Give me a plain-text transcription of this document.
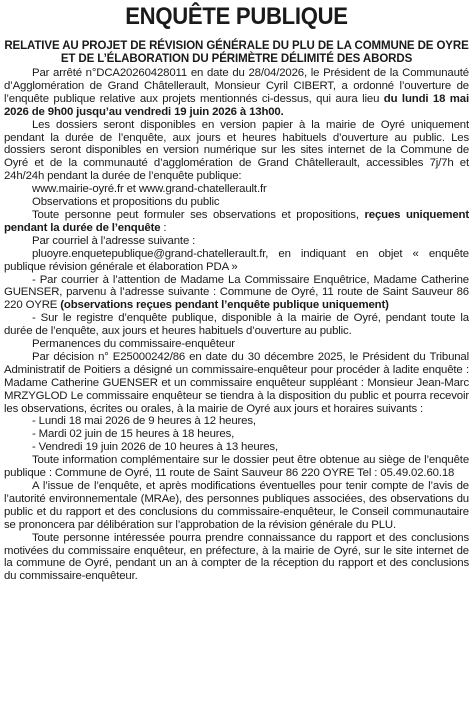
ENQUÊTE PUBLIQUE
RELATIVE AU PROJET DE RÉVISION GÉNÉRALE DU PLU DE LA COMMUNE DE OYRE ET DE L’ÉLABORATION DU PÉRIMÈTRE DÉLIMITÉ DES ABORDS

Par arrêté n°DCA20260428011 en date du 28/04/2026, le Président de la Communauté d’Agglomération de Grand Châtellerault, Monsieur Cyril CIBERT, a ordonné l’ouverture de l’enquête publique relative aux projets mentionnés ci-dessus, qui aura lieu du lundi 18 mai 2026 de 9h00 jusqu’au vendredi 19 juin 2026 à 13h00.

Les dossiers seront disponibles en version papier à la mairie de Oyré uniquement pendant la durée de l’enquête, aux jours et heures habituels d’ouverture au public. Les dossiers seront disponibles en version numérique sur les sites internet de la Commune de Oyré et de la communauté d’agglomération de Grand Châtellerault, accessibles 7j/7h et 24h/24h pendant la durée de l’enquête publique:

www.mairie-oyré.fr et www.grand-chatellerault.fr

Observations et propositions du public

Toute personne peut formuler ses observations et propositions, reçues uniquement pendant la durée de l’enquête :

Par courriel à l’adresse suivante :

pluoyre.enquetepublique@grand-chatellerault.fr, en indiquant en objet « enquête publique révision générale et élaboration PDA »

- Par courrier à l’attention de Madame La Commissaire Enquêtrice, Madame Catherine GUENSER, parvenu à l’adresse suivante : Commune de Oyré, 11 route de Saint Sauveur 86 220 OYRE (observations reçues pendant l’enquête publique uniquement)

- Sur le registre d’enquête publique, disponible à la mairie de Oyré, pendant toute la durée de l’enquête, aux jours et heures habituels d’ouverture au public.

Permanences du commissaire-enquêteur

Par décision n° E25000242/86 en date du 30 décembre 2025, le Président du Tribunal Administratif de Poitiers a désigné un commissaire-enquêteur pour procéder à ladite enquête : Madame Catherine GUENSER et un commissaire enquêteur suppléant : Monsieur Jean-Marc MRZYGLOD Le commissaire enquêteur se tiendra à la disposition du public et pourra recevoir les observations, écrites ou orales, à la mairie de Oyré aux jours et horaires suivants :

- Lundi 18 mai 2026 de 9 heures à 12 heures,

- Mardi 02 juin de 15 heures à 18 heures,

- Vendredi 19 juin 2026 de 10 heures à 13 heures,

Toute information complémentaire sur le dossier peut être obtenue au siège de l’enquête publique : Commune de Oyré, 11 route de Saint Sauveur 86 220 OYRE Tel : 05.49.02.60.18

A l’issue de l’enquête, et après modifications éventuelles pour tenir compte de l’avis de l’autorité environnementale (MRAe), des personnes publiques associées, des observations du public et du rapport et des conclusions du commissaire-enquêteur, le Conseil communautaire se prononcera par délibération sur l’approbation de la révision générale du PLU.

Toute personne intéressée pourra prendre connaissance du rapport et des conclusions motivées du commissaire enquêteur, en préfecture, à la mairie de Oyré, sur le site internet de la commune de Oyré, pendant un an à compter de la réception du rapport et des conclusions du commissaire-enquêteur.
